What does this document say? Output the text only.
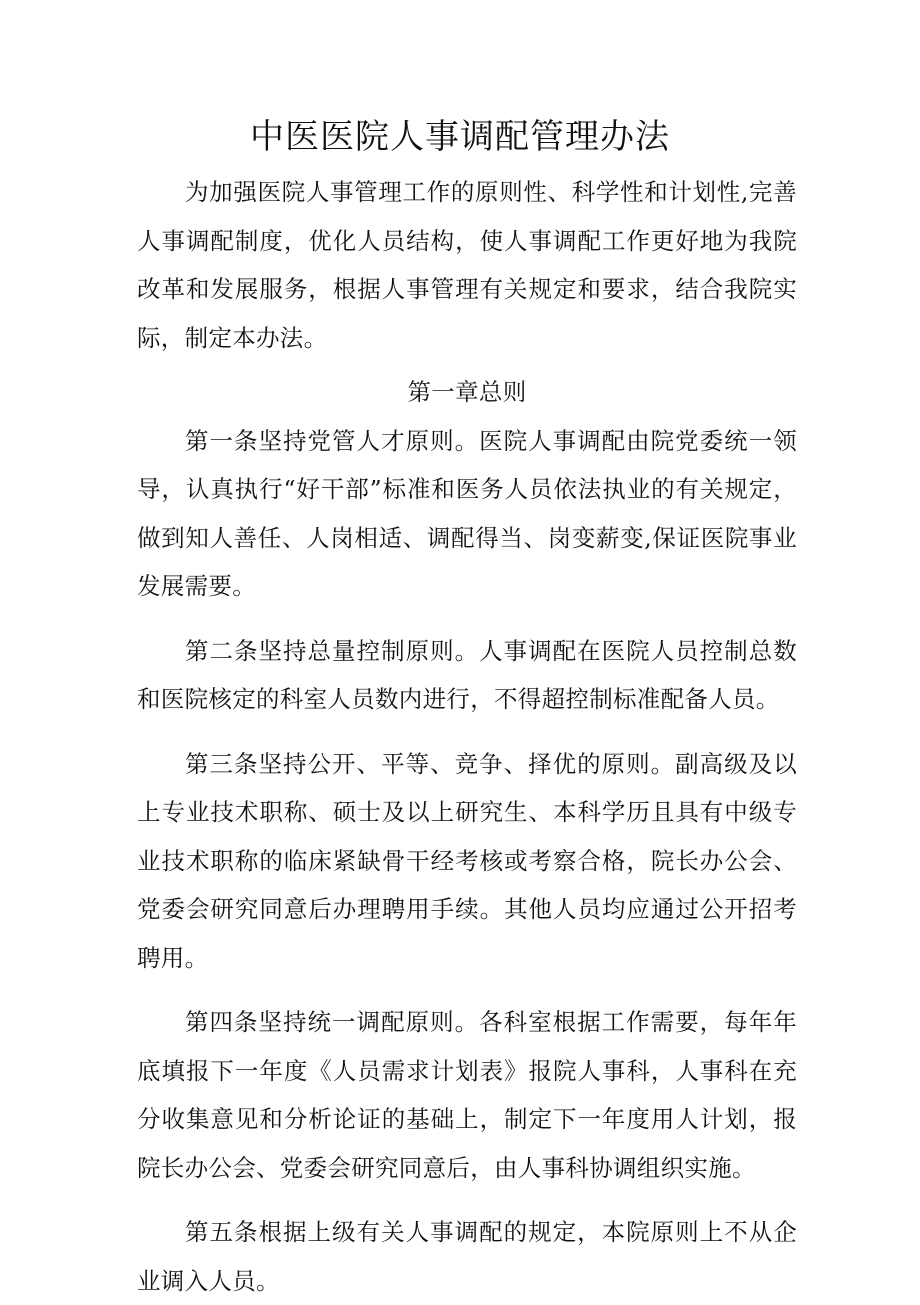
中医医院人事调配管理办法

为加强医院人事管理工作的原则性、科学性和计划性,完善人事调配制度，优化人员结构，使人事调配工作更好地为我院改革和发展服务，根据人事管理有关规定和要求，结合我院实际，制定本办法。

第一章总则

第一条坚持党管人才原则。医院人事调配由院党委统一领导，认真执行“好干部”标准和医务人员依法执业的有关规定，做到知人善任、人岗相适、调配得当、岗变薪变,保证医院事业发展需要。

第二条坚持总量控制原则。人事调配在医院人员控制总数和医院核定的科室人员数内进行，不得超控制标准配备人员。

第三条坚持公开、平等、竞争、择优的原则。副高级及以上专业技术职称、硕士及以上研究生、本科学历且具有中级专业技术职称的临床紧缺骨干经考核或考察合格，院长办公会、党委会研究同意后办理聘用手续。其他人员均应通过公开招考聘用。

第四条坚持统一调配原则。各科室根据工作需要，每年年底填报下一年度《人员需求计划表》报院人事科，人事科在充分收集意见和分析论证的基础上，制定下一年度用人计划，报院长办公会、党委会研究同意后，由人事科协调组织实施。

第五条根据上级有关人事调配的规定，本院原则上不从企业调入人员。
